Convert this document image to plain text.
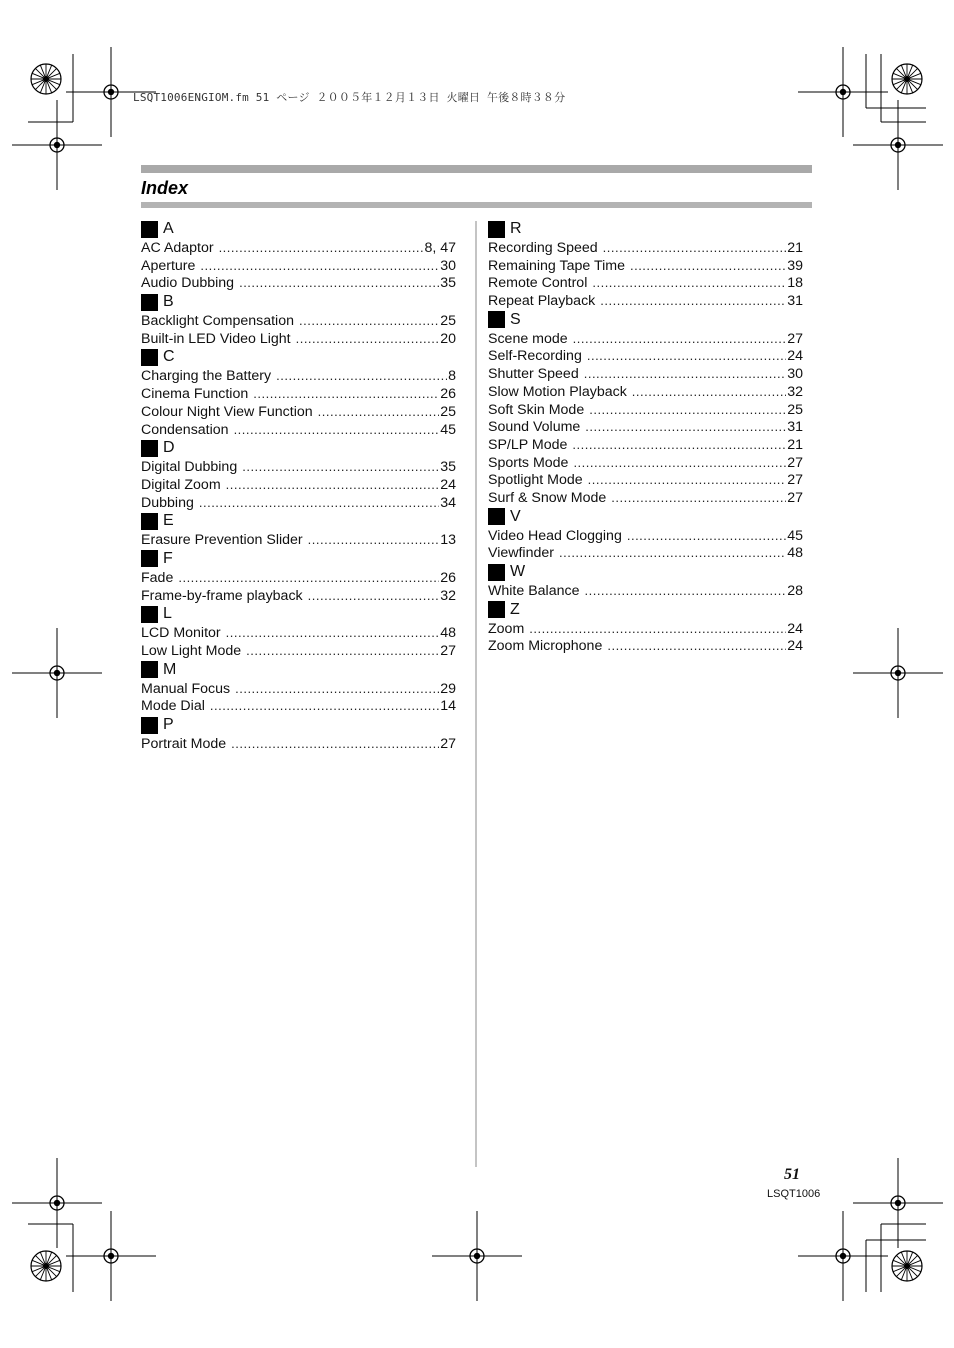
LSQT1006ENGIOM.fm 51 ページ ２００５年１２月１３日 火曜日 午後８時３８分
Index
A
AC Adaptor .....	8, 47
Aperture .....	30
Audio Dubbing .....	35
B
Backlight Compensation .....	25
Built-in LED Video Light .....	20
C
Charging the Battery .....	8
Cinema Function .....	26
Colour Night View Function .....	25
Condensation .....	45
D
Digital Dubbing .....	35
Digital Zoom .....	24
Dubbing .....	34
E
Erasure Prevention Slider .....	13
F
Fade .....	26
Frame-by-frame playback .....	32
L
LCD Monitor .....	48
Low Light Mode .....	27
M
Manual Focus .....	29
Mode Dial .....	14
P
Portrait Mode .....	27
R
Recording Speed .....	21
Remaining Tape Time .....	39
Remote Control .....	18
Repeat Playback .....	31
S
Scene mode .....	27
Self-Recording .....	24
Shutter Speed .....	30
Slow Motion Playback .....	32
Soft Skin Mode .....	25
Sound Volume .....	31
SP/LP Mode .....	21
Sports Mode .....	27
Spotlight Mode .....	27
Surf & Snow Mode .....	27
V
Video Head Clogging .....	45
Viewfinder .....	48
W
White Balance .....	28
Z
Zoom .....	24
Zoom Microphone .....	24
51
LSQT1006
